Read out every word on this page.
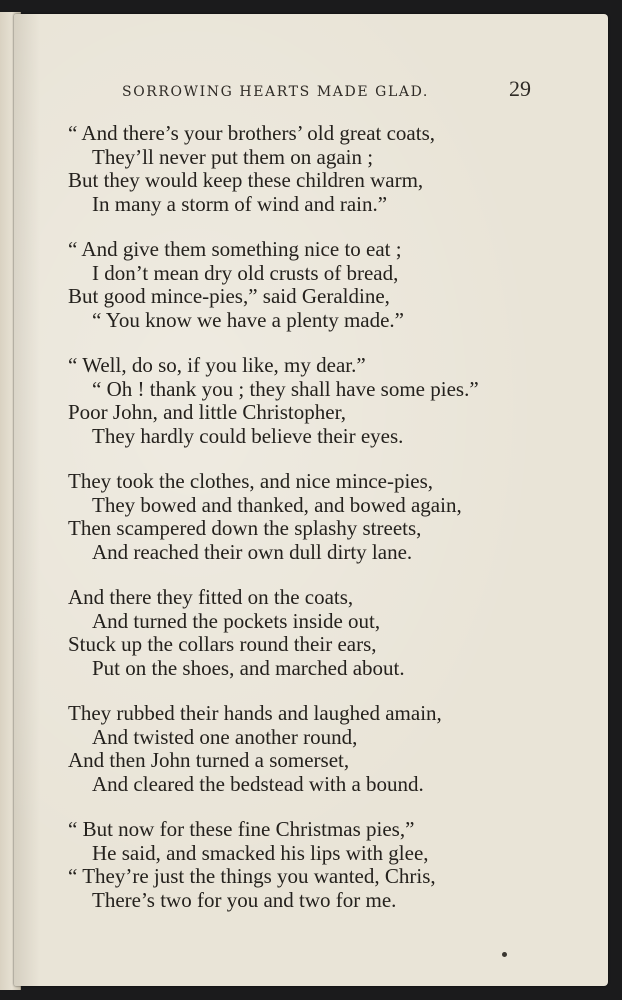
SORROWING HEARTS MADE GLAD.	29
“ And there’s your brothers’ old great coats,
They’ll never put them on again ;
But they would keep these children warm,
In many a storm of wind and rain.”
“ And give them something nice to eat ;
I don’t mean dry old crusts of bread,
But good mince-pies,” said Geraldine,
“ You know we have a plenty made.”
“ Well, do so, if you like, my dear.”
“ Oh ! thank you ; they shall have some pies.”
Poor John, and little Christopher,
They hardly could believe their eyes.
They took the clothes, and nice mince-pies,
They bowed and thanked, and bowed again,
Then scampered down the splashy streets,
And reached their own dull dirty lane.
And there they fitted on the coats,
And turned the pockets inside out,
Stuck up the collars round their ears,
Put on the shoes, and marched about.
They rubbed their hands and laughed amain,
And twisted one another round,
And then John turned a somerset,
And cleared the bedstead with a bound.
“ But now for these fine Christmas pies,”
He said, and smacked his lips with glee,
“ They’re just the things you wanted, Chris,
There’s two for you and two for me.
